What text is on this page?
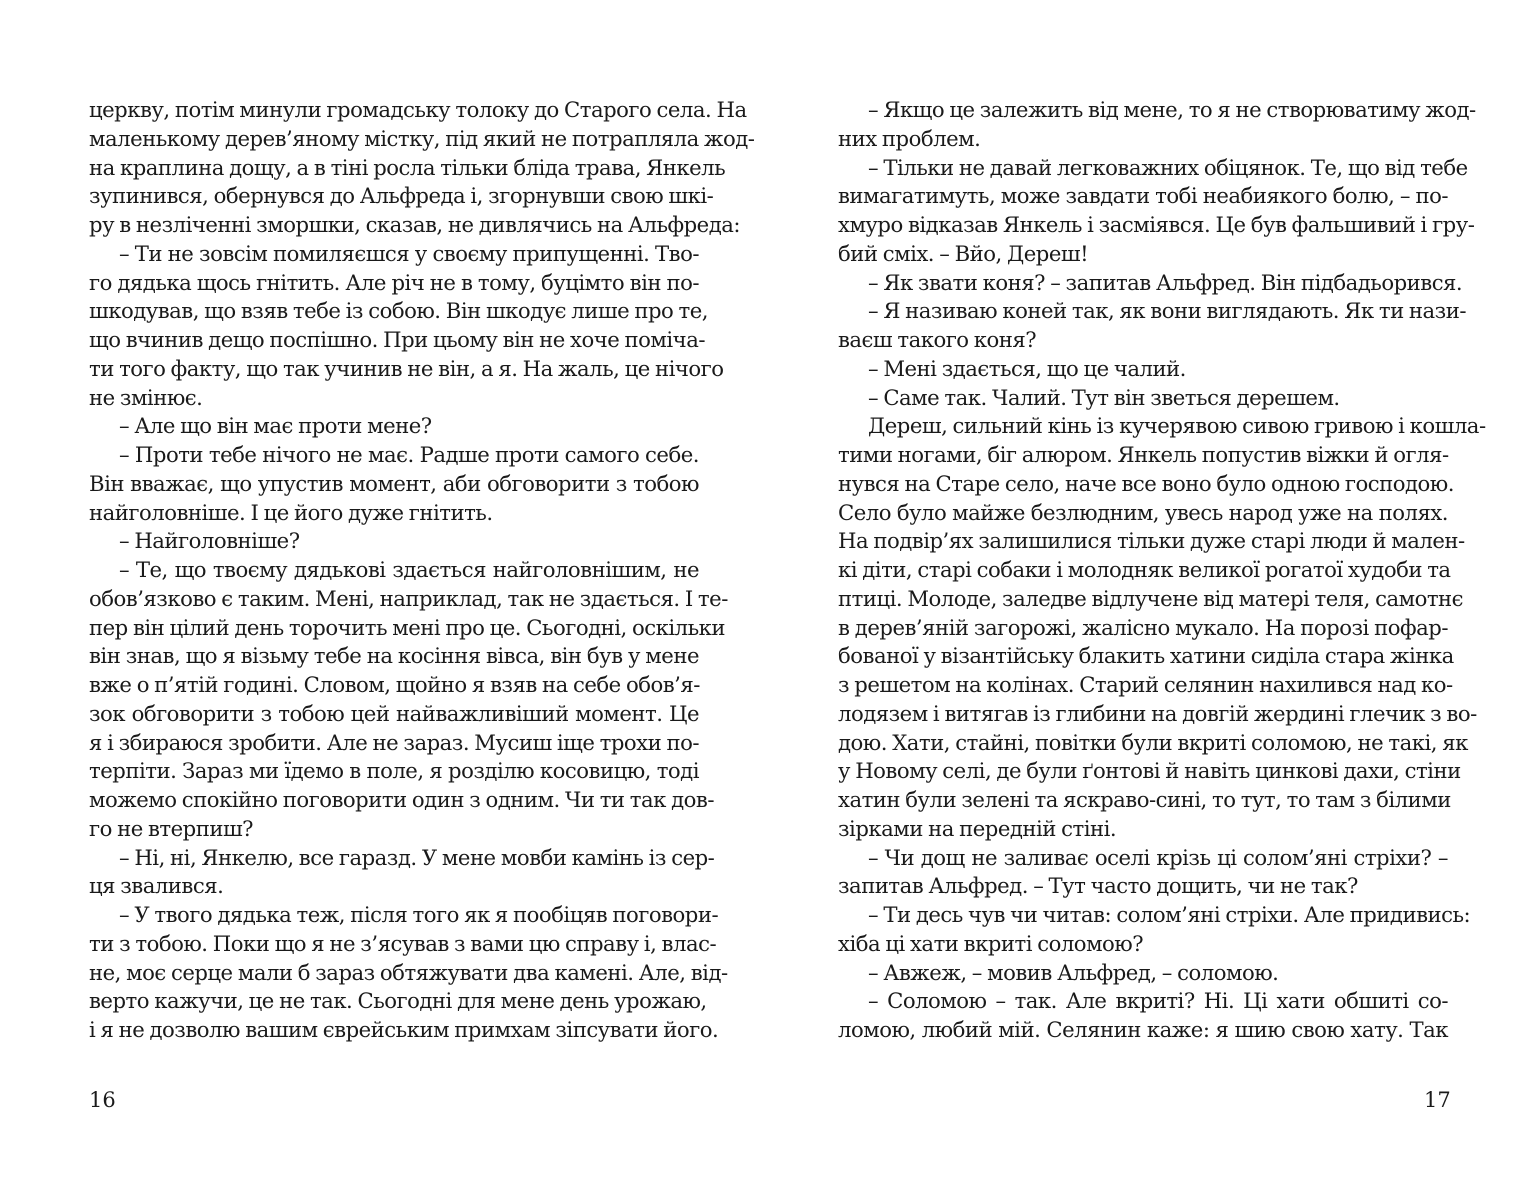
церкву, потім минули громадську толоку до Старого села. На
маленькому дерев’яному містку, під який не потрапляла жод-
на краплина дощу, а в тіні росла тільки бліда трава, Янкель
зупинився, обернувся до Альфреда і, згорнувши свою шкі-
ру в незліченні зморшки, сказав, не дивлячись на Альфреда:
– Ти не зовсім помиляєшся у своєму припущенні. Тво-
го дядька щось гнітить. Але річ не в тому, буцімто він по-
шкодував, що взяв тебе із собою. Він шкодує лише про те,
що вчинив дещо поспішно. При цьому він не хоче поміча-
ти того факту, що так учинив не він, а я. На жаль, це нічого
не змінює.
– Але що він має проти мене?
– Проти тебе нічого не має. Радше проти самого себе.
Він вважає, що упустив момент, аби обговорити з тобою
найголовніше. І це його дуже гнітить.
– Найголовніше?
– Те, що твоєму дядькові здається найголовнішим, не
обов’язково є таким. Мені, наприклад, так не здається. І те-
пер він цілий день торочить мені про це. Сьогодні, оскільки
він знав, що я візьму тебе на косіння вівса, він був у мене
вже о п’ятій годині. Словом, щойно я взяв на себе обов’я-
зок обговорити з тобою цей найважливіший момент. Це
я і збираюся зробити. Але не зараз. Мусиш іще трохи по-
терпіти. Зараз ми їдемо в поле, я розділю косовицю, тоді
можемо спокійно поговорити один з одним. Чи ти так дов-
го не втерпиш?
– Ні, ні, Янкелю, все гаразд. У мене мовби камінь із сер-
ця звалився.
– У твого дядька теж, після того як я пообіцяв поговори-
ти з тобою. Поки що я не з’ясував з вами цю справу і, влас-
не, моє серце мали б зараз обтяжувати два камені. Але, від-
верто кажучи, це не так. Сьогодні для мене день урожаю,
і я не дозволю вашим єврейським примхам зіпсувати його.
16
– Якщо це залежить від мене, то я не створюватиму жод-
них проблем.
– Тільки не давай легковажних обіцянок. Те, що від тебе
вимагатимуть, може завдати тобі неабиякого болю, – по-
хмуро відказав Янкель і засміявся. Це був фальшивий і гру-
бий сміх. – Вйо, Дереш!
– Як звати коня? – запитав Альфред. Він підбадьорився.
– Я називаю коней так, як вони виглядають. Як ти нази-
ваєш такого коня?
– Мені здається, що це чалий.
– Саме так. Чалий. Тут він зветься дерешем.
Дереш, сильний кінь із кучерявою сивою гривою і кошла-
тими ногами, біг алюром. Янкель попустив віжки й огля-
нувся на Старе село, наче все воно було одною господою.
Село було майже безлюдним, увесь народ уже на полях.
На подвір’ях залишилися тільки дуже старі люди й мален-
кі діти, старі собаки і молодняк великої рогатої худоби та
птиці. Молоде, заледве відлучене від матері теля, самотнє
в дерев’яній загорожі, жалісно мукало. На порозі пофар-
бованої у візантійську блакить хатини сиділа стара жінка
з решетом на колінах. Старий селянин нахилився над ко-
лодязем і витягав із глибини на довгій жердині глечик з во-
дою. Хати, стайні, повітки були вкриті соломою, не такі, як
у Новому селі, де були ґонтові й навіть цинкові дахи, стіни
хатин були зелені та яскраво-сині, то тут, то там з білими
зірками на передній стіні.
– Чи дощ не заливає оселі крізь ці солом’яні стріхи? –
запитав Альфред. – Тут часто дощить, чи не так?
– Ти десь чув чи читав: солом’яні стріхи. Але придивись:
хіба ці хати вкриті соломою?
– Авжеж, – мовив Альфред, – соломою.
– Соломою – так. Але вкриті? Ні. Ці хати обшиті со-
ломою, любий мій. Селянин каже: я шию свою хату. Так
17
